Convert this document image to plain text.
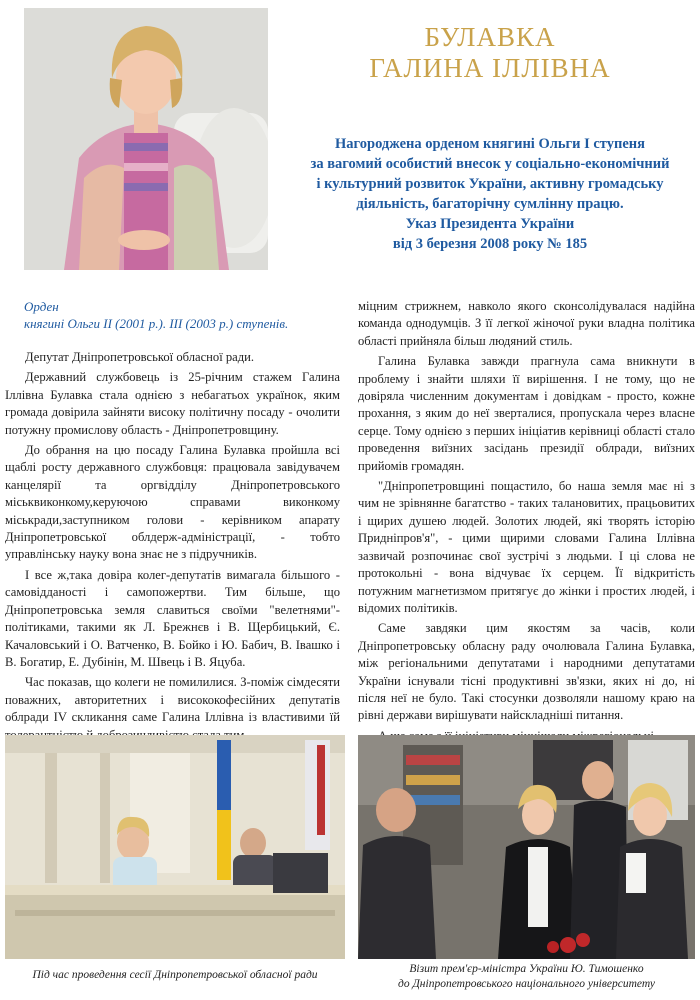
БУЛАВКА
ГАЛИНА ІЛЛІВНА
Нагороджена орденом княгині Ольги І ступеня
за вагомий особистий внесок у соціально-економічний
і культурний розвиток України, активну громадську
діяльність, багаторічну сумлінну працю.
Указ Президента України
від 3 березня 2008 року № 185
Орден
княгині Ольги ІІ (2001 р.). ІІІ (2003 р.) ступенів.

Депутат Дніпропетровської обласної ради.

Державний службовець із 25-річним стажем Галина Іллівна Булавка стала однією з небагатьох українок, яким громада довірила зайняти високу політичну посаду - очолити потужну промислову область - Дніпропетровщину.

До обрання на цю посаду Галина Булавка пройшла всі щаблі росту державного службовця: працювала завідувачем канцелярії та оргвідділу Дніпропетровського міськвиконкому,керуючою справами виконкому міськради,заступником голови - керівником апарату Дніпропетровської облдерж-адміністрації, - тобто управлінську науку вона знає не з підручників.

І все ж,така довіра колег-депутатів вимагала більшого - самовідданості і самопожертви. Тим більше, що Дніпропетровська земля славиться своїми "велетнями"-політиками, такими як Л. Брежнєв і В. Щербицький, Є. Качаловський і О. Ватченко, В. Бойко і Ю. Бабич, В. Івашко і В. Богатир, Е. Дубінін, М. Швець і В. Яцуба.

Час показав, що колеги не помилилися. З-поміж сімдесяти поважних, авторитетних і висококофесійних депутатів облради IV скликання саме Галина Іллівна із властивими їй

міцним стрижнем, навколо якого сконсолідувалася надійна команда однодумців. З її легкої жіночої руки владна політика області прийняла більш людяний стиль.

Галина Булавка завжди прагнула сама вникнути в проблему і знайти шляхи її вирішення. І не тому, що не довіряла численним документам і довідкам - просто, кожне прохання, з яким до неї зверталися, пропускала через власне серце. Тому однією з перших ініціатив керівниці області стало проведення виїзних засідань президії облради, виїзних прийомів громадян.

"Дніпропетровщині пощастило, бо наша земля має ні з чим не зрівнянне багатство - таких талановитих, працьовитих і щирих душею людей. Золотих людей, які творять історію Придніпров'я", - цими щирими словами Галина Іллівна зазвичай розпочинає свої зустрічі з людьми. І ці слова не протокольні - вона відчуває їх серцем. Її відкритість потужним магнетизмом притягує до жінки і простих людей, і відомих політиків.

Саме завдяки цим якостям за часів, коли Дніпропетровську обласну раду очолювала Галина Булавка, між регіональними депутатами і народними депутатами України існували тісні продуктивні зв'язки, яких ні до, ні після неї не було. Такі стосунки дозволяли нашому краю на рівні держави вирішувати найскладніші питання.

Під час проведення сесії Дніпропетровської обласної ради	Візит прем'єр-міністра України Ю. Тимошенко
до Дніпропетровського національного університету
